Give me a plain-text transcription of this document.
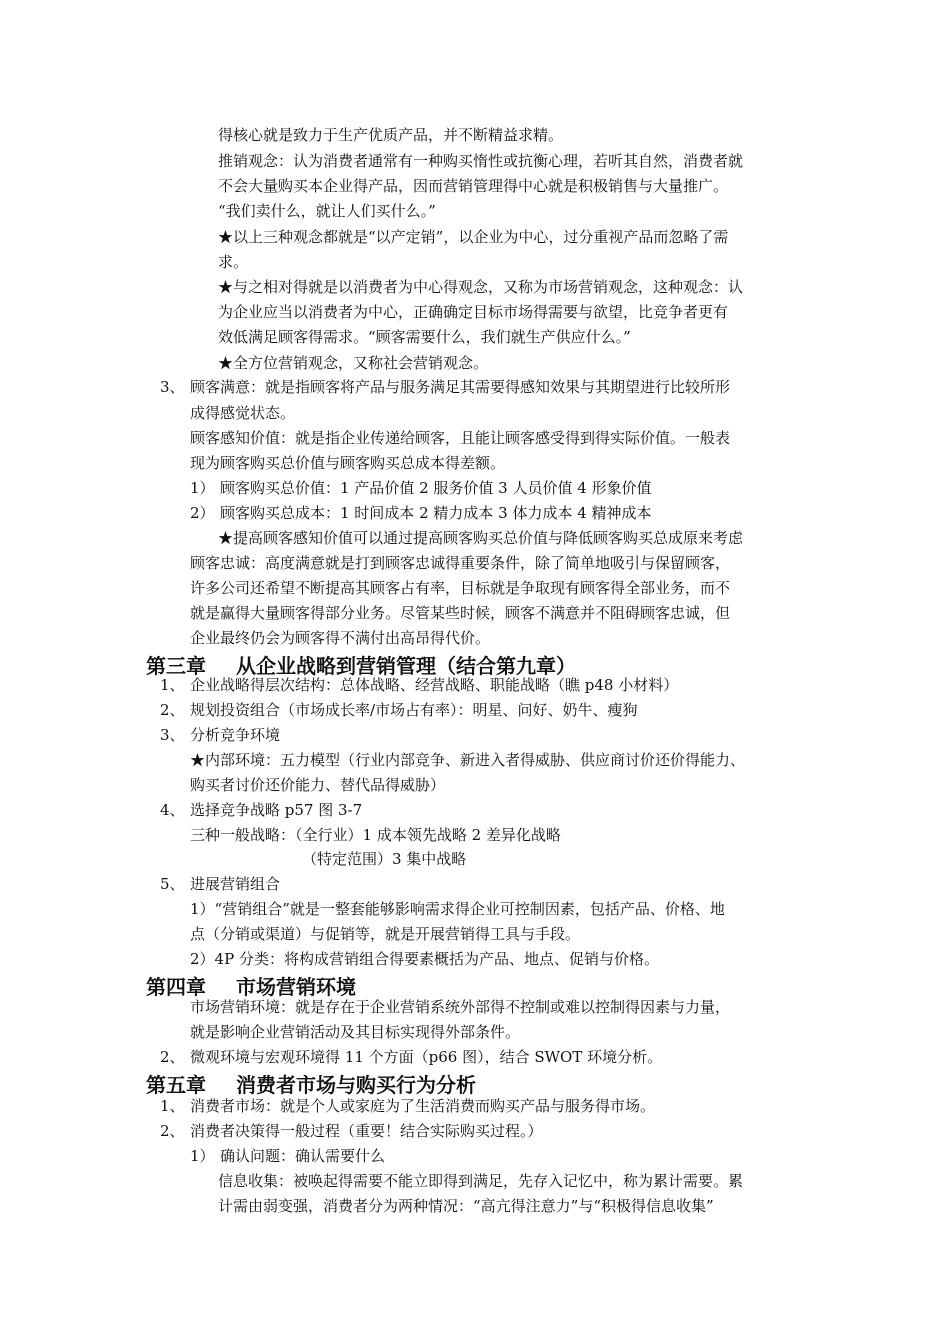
得核心就是致力于生产优质产品，并不断精益求精。
推销观念：认为消费者通常有一种购买惰性或抗衡心理，若听其自然，消费者就
不会大量购买本企业得产品，因而营销管理得中心就是积极销售与大量推广。
“我们卖什么，就让人们买什么。”
★以上三种观念都就是“以产定销”，以企业为中心，过分重视产品而忽略了需
求。
★与之相对得就是以消费者为中心得观念，又称为市场营销观念，这种观念：认
为企业应当以消费者为中心，正确确定目标市场得需要与欲望，比竞争者更有
效低满足顾客得需求。“顾客需要什么，我们就生产供应什么。”
★全方位营销观念，又称社会营销观念。
3、 顾客满意：就是指顾客将产品与服务满足其需要得感知效果与其期望进行比较所形
成得感觉状态。
顾客感知价值：就是指企业传递给顾客，且能让顾客感受得到得实际价值。一般表
现为顾客购买总价值与顾客购买总成本得差额。
1） 顾客购买总价值：1 产品价值 2 服务价值 3 人员价值 4 形象价值
2） 顾客购买总成本：1 时间成本 2 精力成本 3 体力成本 4 精神成本
★提高顾客感知价值可以通过提高顾客购买总价值与降低顾客购买总成原来考虑
顾客忠诚：高度满意就是打到顾客忠诚得重要条件，除了简单地吸引与保留顾客，
许多公司还希望不断提高其顾客占有率，目标就是争取现有顾客得全部业务，而不
就是赢得大量顾客得部分业务。尽管某些时候，顾客不满意并不阻碍顾客忠诚，但
企业最终仍会为顾客得不满付出高昂得代价。
第三章 从企业战略到营销管理（结合第九章）
1、 企业战略得层次结构：总体战略、经营战略、职能战略（瞧 p48 小材料）
2、 规划投资组合（市场成长率/市场占有率）：明星、问好、奶牛、瘦狗
3、 分析竞争环境
★内部环境：五力模型（行业内部竞争、新进入者得威胁、供应商讨价还价得能力、
购买者讨价还价能力、替代品得威胁）
4、 选择竞争战略 p57 图 3-7
三种一般战略：（全行业）1 成本领先战略 2 差异化战略
（特定范围）3 集中战略
5、 进展营销组合
1）“营销组合”就是一整套能够影响需求得企业可控制因素，包括产品、价格、地
点（分销或渠道）与促销等，就是开展营销得工具与手段。
2）4P 分类：将构成营销组合得要素概括为产品、地点、促销与价格。
第四章 市场营销环境
市场营销环境：就是存在于企业营销系统外部得不控制或难以控制得因素与力量，
就是影响企业营销活动及其目标实现得外部条件。
2、 微观环境与宏观环境得 11 个方面（p66 图），结合 SWOT 环境分析。
第五章 消费者市场与购买行为分析
1、 消费者市场：就是个人或家庭为了生活消费而购买产品与服务得市场。
2、 消费者决策得一般过程（重要！结合实际购买过程。）
1） 确认问题：确认需要什么
信息收集：被唤起得需要不能立即得到满足，先存入记忆中，称为累计需要。累
计需由弱变强，消费者分为两种情况：“高亢得注意力”与“积极得信息收集”
